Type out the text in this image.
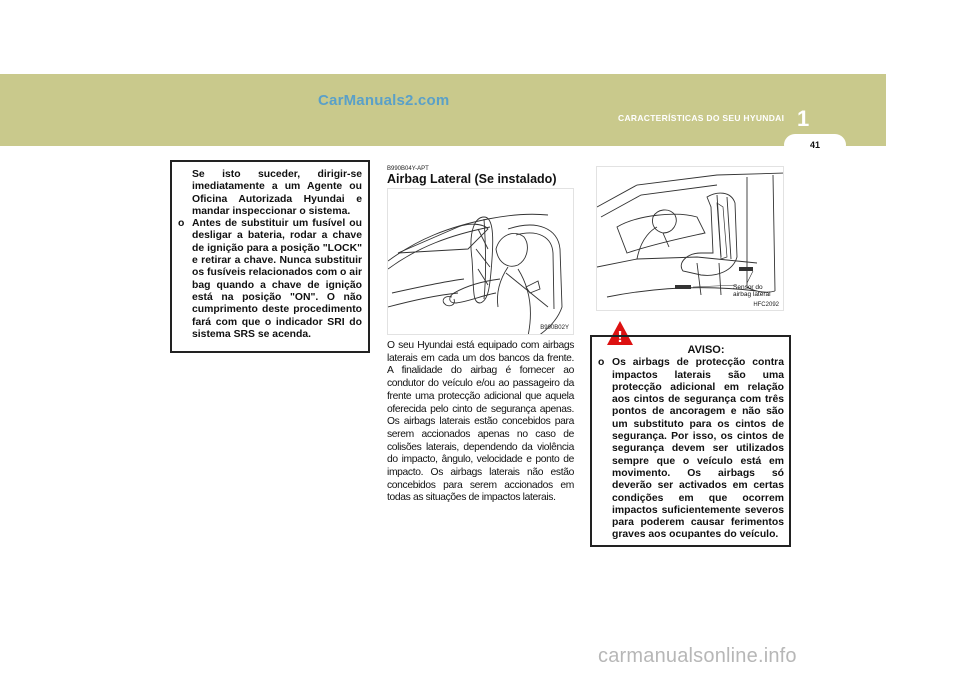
CarManuals2.com
CARACTERÍSTICAS DO SEU HYUNDAI 1
41
Se isto suceder, dirigir-se imediatamente a um Agente ou Oficina Autorizada Hyundai e mandar inspeccionar o sistema.
o Antes de substituir um fusível ou desligar a bateria, rodar a chave de ignição para a posição "LOCK" e retirar a chave. Nunca substituir os fusíveis relacionados com o air bag quando a chave de ignição está na posição "ON". O não cumprimento deste procedimento fará com que o indicador SRI do sistema SRS se acenda.
B990B04Y-APT
Airbag Lateral (Se instalado)
B990B02Y
O seu Hyundai está equipado com airbags laterais em cada um dos bancos da frente. A finalidade do airbag é fornecer ao condutor do veículo e/ou ao passageiro da frente uma protecção adicional que aquela oferecida pelo cinto de segurança apenas. Os airbags laterais estão concebidos para serem accionados apenas no caso de colisões laterais, dependendo da violência do impacto, ângulo, velocidade e ponto de impacto. Os airbags laterais não estão concebidos para serem accionados em todas as situações de impactos laterais.
Sensor do
airbag lateral
HFC2092
!
AVISO:
o Os airbags de protecção contra impactos laterais são uma protecção adicional em relação aos cintos de segurança com três pontos de ancoragem e não são um substituto para os cintos de segurança. Por isso, os cintos de segurança devem ser utilizados sempre que o veículo está em movimento. Os airbags só deverão ser activados em certas condições em que ocorrem impactos suficientemente severos para poderem causar ferimentos graves aos ocupantes do veículo.
carmanualsonline.info
